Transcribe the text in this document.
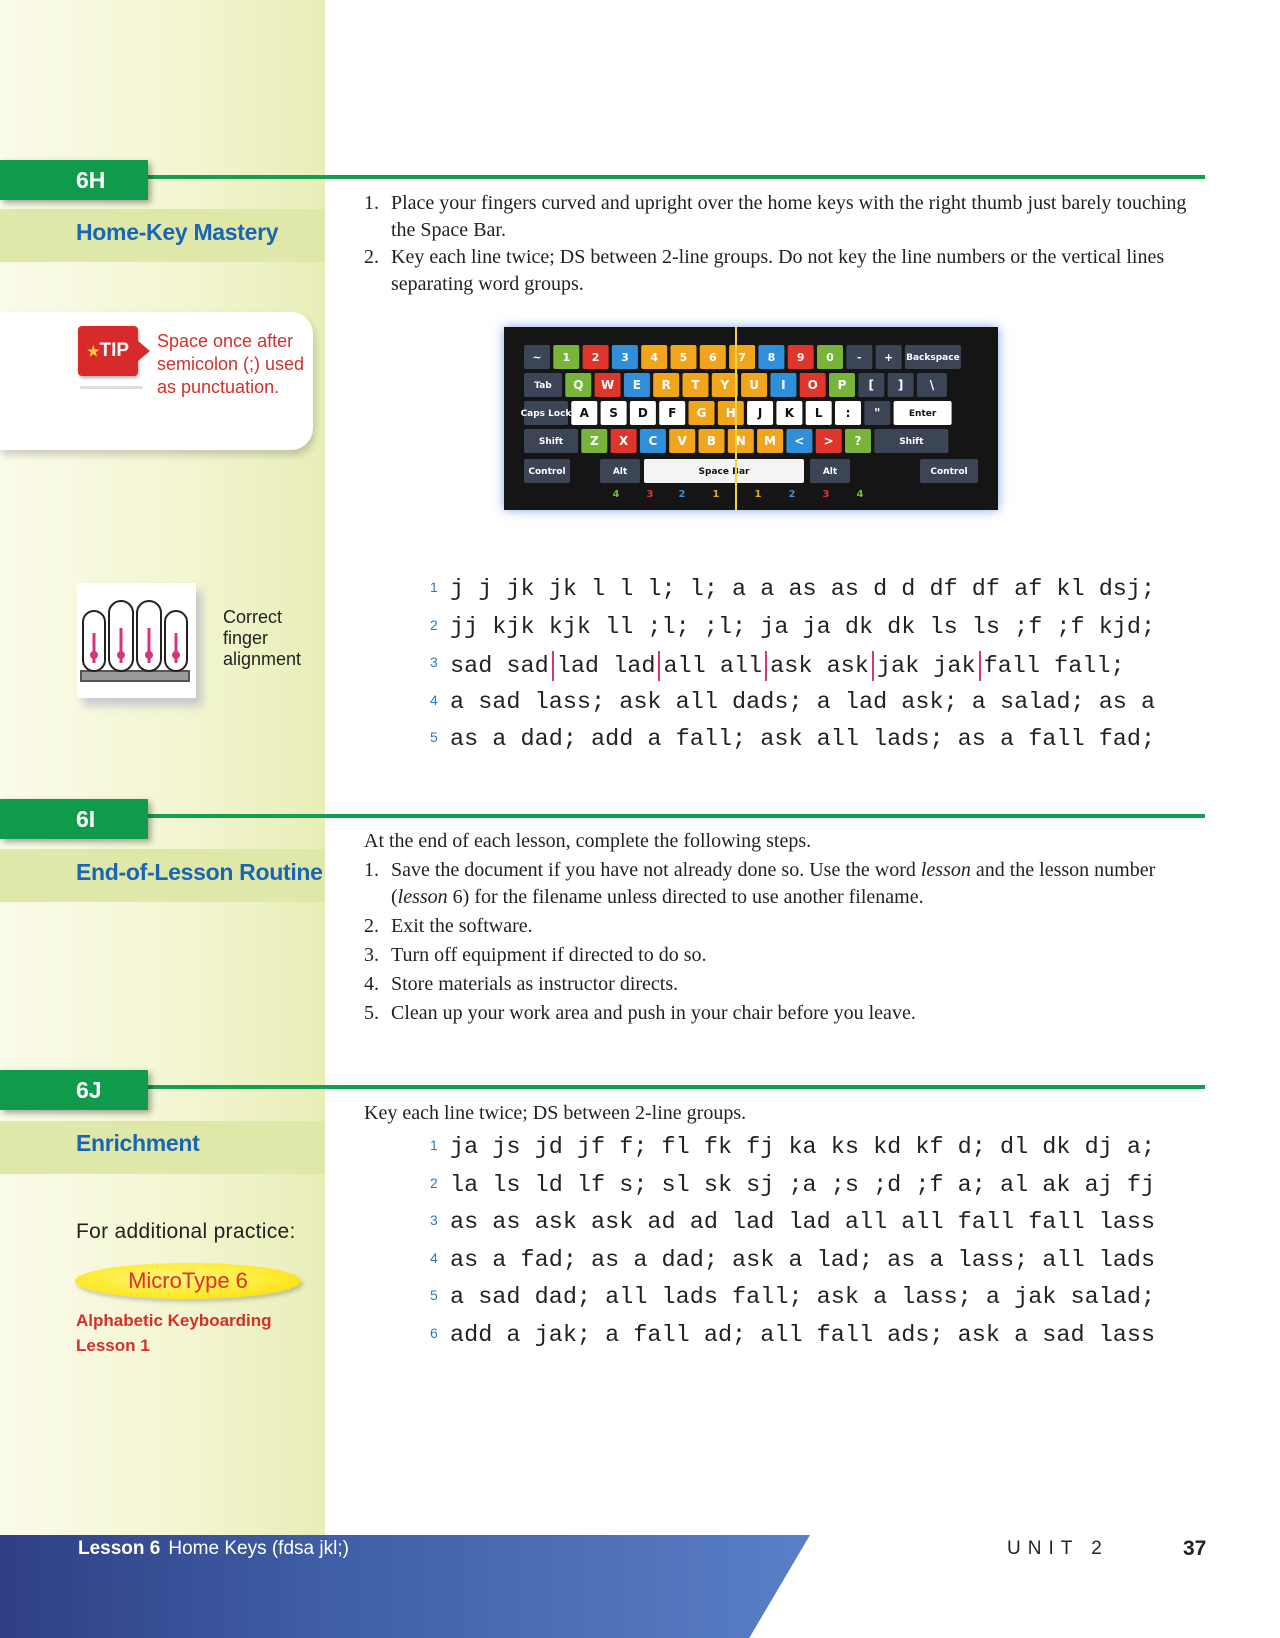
6H
Home-Key Mastery
1. Place your fingers curved and upright over the home keys with the right thumb just barely touching the Space Bar.
2. Key each line twice; DS between 2-line groups. Do not key the line numbers or the vertical lines separating word groups.
★TIP	Space once after semicolon (;) used as punctuation.
~ 1 2 3 4 5 6 7 8 9 0 - + Backspace
Tab Q W E R T Y U I O P [ ] \
Caps Lock A S D F G H J K L : "	Enter
Shift Z X C V B N M < > ?	Shift
Control	Alt	Space Bar	Alt	Control
4	3	2	1	1	2	3	4
Correct finger alignment
1 j j jk jk l l l; l; a a as as d d df df af kl dsj;
2 jj kjk kjk ll ;l; ;l; ja ja dk dk ls ls ;f ;f kjd;
3 sad sad lad lad all all ask ask jak jak fall fall;
4 a sad lass; ask all dads; a lad ask; a salad; as a
5 as a dad; add a fall; ask all lads; as a fall fad;
6I
End-of-Lesson Routine
At the end of each lesson, complete the following steps.
1. Save the document if you have not already done so. Use the word lesson and the lesson number (lesson 6) for the filename unless directed to use another filename.
2. Exit the software.
3. Turn off equipment if directed to do so.
4. Store materials as instructor directs.
5. Clean up your work area and push in your chair before you leave.
6J
Enrichment
Key each line twice; DS between 2-line groups.
1 ja js jd jf f; fl fk fj ka ks kd kf d; dl dk dj a;
2 la ls ld lf s; sl sk sj ;a ;s ;d ;f a; al ak aj fj
3 as as ask ask ad ad lad lad all all fall fall lass
4 as a fad; as a dad; ask a lad; as a lass; all lads
5 a sad dad; all lads fall; ask a lass; a jak salad;
6 add a jak; a fall ad; all fall ads; ask a sad lass
For additional practice:
MicroType 6
Alphabetic Keyboarding
Lesson 1
Lesson 6 Home Keys (fdsa jkl;)	UNIT 2	37
